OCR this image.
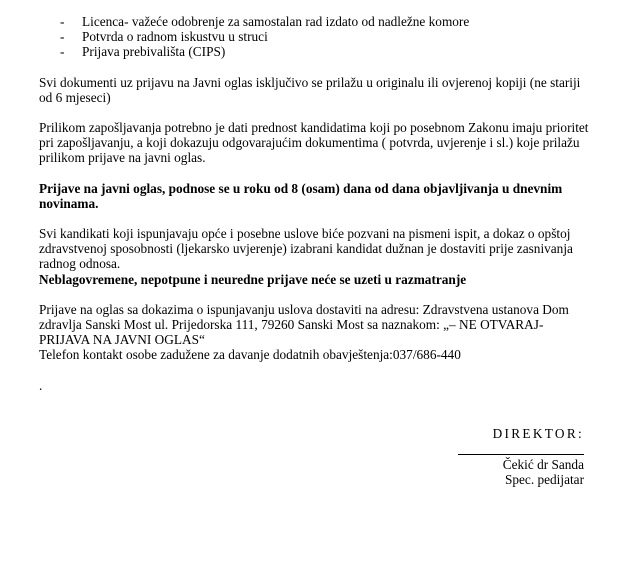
- Licenca- važeće odobrenje za samostalan rad izdato od nadležne komore
- Potvrda o radnom iskustvu u struci
- Prijava prebivališta (CIPS)

Svi dokumenti uz prijavu na Javni oglas isključivo se prilažu u originalu ili ovjerenoj kopiji (ne stariji od 6 mjeseci)

Prilikom zapošljavanja potrebno je dati prednost kandidatima koji po posebnom Zakonu imaju prioritet pri zapošljavanju, a koji dokazuju odgovarajućim dokumentima ( potvrda, uvjerenje i sl.) koje prilažu prilikom prijave na javni oglas.

Prijave na javni oglas, podnose se u roku od 8 (osam) dana od dana objavljivanja u dnevnim novinama.

Svi kandikati koji ispunjavaju opće i posebne uslove biće pozvani na pismeni ispit, a dokaz o opštoj zdravstvenoj sposobnosti (ljekarsko uvjerenje) izabrani kandidat dužnan je dostaviti prije zasnivanja radnog odnosa.

Neblagovremene, nepotpune i neuredne prijave neće se uzeti u razmatranje

Prijave na oglas sa dokazima o ispunjavanju uslova dostaviti na adresu: Zdravstvena ustanova Dom zdravlja Sanski Most ul. Prijedorska 111, 79260 Sanski Most sa naznakom: „– NE OTVARAJ- PRIJAVA NA JAVNI OGLAS“

Telefon kontakt osobe zadužene za davanje dodatnih obavještenja:037/686-440

.

DIREKTOR:
Čekić dr Sanda
Spec. pedijatar
